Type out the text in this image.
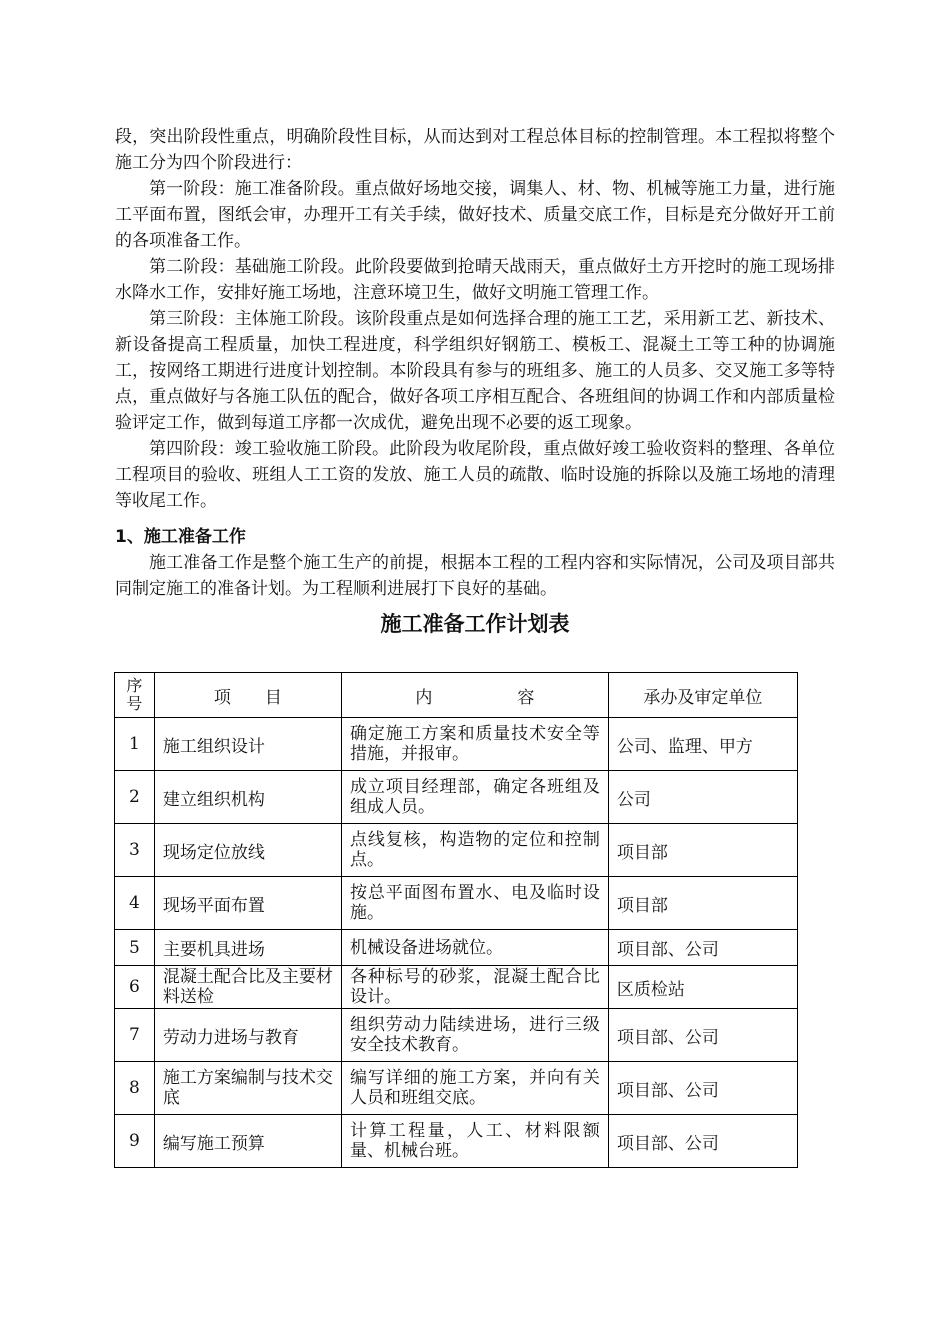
段，突出阶段性重点，明确阶段性目标，从而达到对工程总体目标的控制管理。本工程拟将整个施工分为四个阶段进行：

第一阶段：施工准备阶段。重点做好场地交接，调集人、材、物、机械等施工力量，进行施工平面布置，图纸会审，办理开工有关手续，做好技术、质量交底工作，目标是充分做好开工前的各项准备工作。

第二阶段：基础施工阶段。此阶段要做到抢晴天战雨天，重点做好土方开挖时的施工现场排水降水工作，安排好施工场地，注意环境卫生，做好文明施工管理工作。

第三阶段：主体施工阶段。该阶段重点是如何选择合理的施工工艺，采用新工艺、新技术、新设备提高工程质量，加快工程进度，科学组织好钢筋工、模板工、混凝土工等工种的协调施工，按网络工期进行进度计划控制。本阶段具有参与的班组多、施工的人员多、交叉施工多等特点，重点做好与各施工队伍的配合，做好各项工序相互配合、各班组间的协调工作和内部质量检验评定工作，做到每道工序都一次成优，避免出现不必要的返工现象。

第四阶段：竣工验收施工阶段。此阶段为收尾阶段，重点做好竣工验收资料的整理、各单位工程项目的验收、班组人工工资的发放、施工人员的疏散、临时设施的拆除以及施工场地的清理等收尾工作。

1、施工准备工作

施工准备工作是整个施工生产的前提，根据本工程的工程内容和实际情况，公司及项目部共同制定施工的准备计划。为工程顺利进展打下良好的基础。

施工准备工作计划表
序号	项　　目	内　　　　　容	承办及审定单位
1	施工组织设计	确定施工方案和质量技术安全等措施，并报审。	公司、监理、甲方
2	建立组织机构	成立项目经理部，确定各班组及组成人员。	公司
3	现场定位放线	点线复核，构造物的定位和控制点。	项目部
4	现场平面布置	按总平面图布置水、电及临时设施。	项目部
5	主要机具进场	机械设备进场就位。	项目部、公司
6	混凝土配合比及主要材料送检	各种标号的砂浆，混凝土配合比设计。	区质检站
7	劳动力进场与教育	组织劳动力陆续进场，进行三级安全技术教育。	项目部、公司
8	施工方案编制与技术交底	编写详细的施工方案，并向有关人员和班组交底。	项目部、公司
9	编写施工预算	计算工程量，人工、材料限额量、机械台班。	项目部、公司
